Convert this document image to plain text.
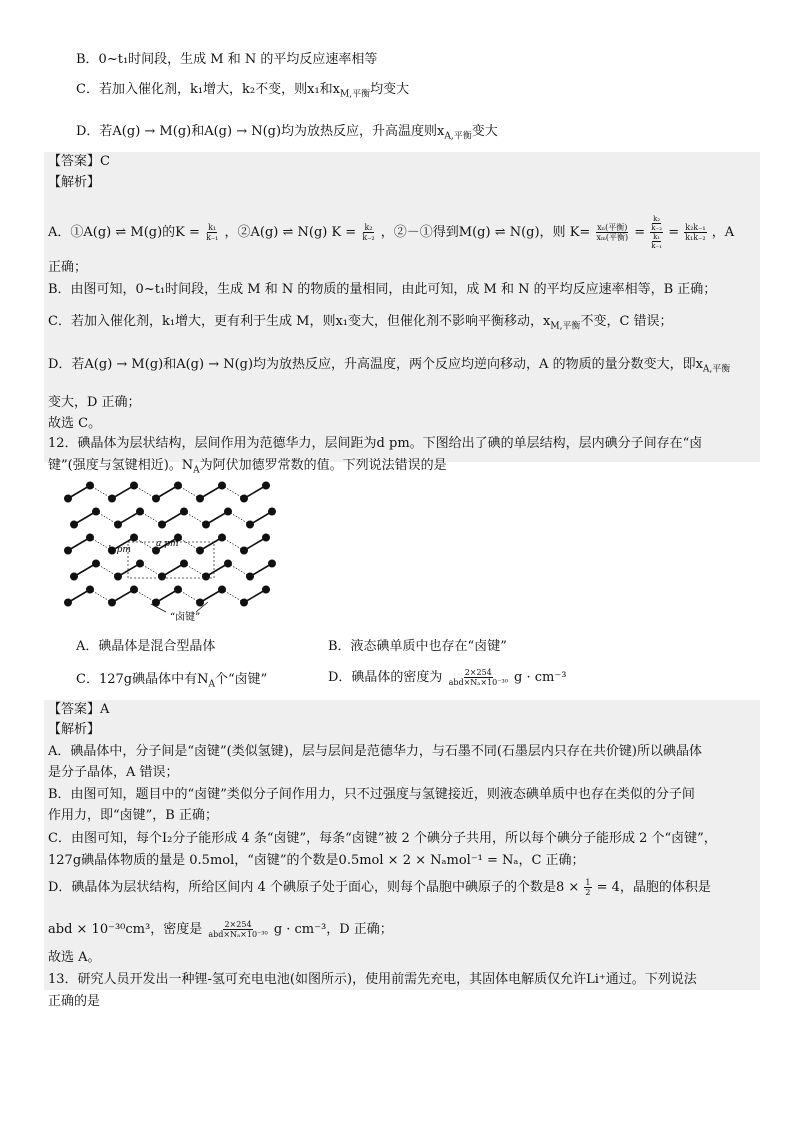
B．0~t₁时间段，生成 M 和 N 的平均反应速率相等
C．若加入催化剂，k₁增大，k₂不变，则x₁和$x_{M,平衡}$均变大
D．若A(g) → M(g)和A(g) → N(g)均为放热反应，升高温度则$x_{A,平衡}$变大
【答案】C
【解析】
A．①A(g) ⇌ M(g)的$K = \frac{\text{k₁}}{\text{k₋₁}}$ ，②A(g) ⇌ N(g) $K = \frac{\text{k₂}}{\text{k₋₂}}$ ，②－①得到M(g) ⇌ N(g)，则 $K= \frac{\text{xₙ(平衡)}}{\text{xₘ(平衡)}} = \frac{\frac{\text{k₂}}{\text{k₋₂}}}{\frac{\text{k₁}}{\text{k₋₁}}} = \frac{\text{k₂k₋₁}}{\text{k₁k₋₂}}$ ，A
正确；
B．由图可知，0~t₁时间段，生成 M 和 N 的物质的量相同，由此可知，成 M 和 N 的平均反应速率相等，B 正确；
C．若加入催化剂，k₁增大，更有利于生成 M，则x₁变大，但催化剂不影响平衡移动，$x_{M,平衡}$不变，C 错误；
D．若A(g) → M(g)和A(g) → N(g)均为放热反应，升高温度，两个反应均逆向移动，A 的物质的量分数变大，即$x_{A,平衡}$
变大，D 正确；
故选 C。
12．碘晶体为层状结构，层间作用为范德华力，层间距为d pm。下图给出了碘的单层结构，层内碘分子间存在“卤
键”(强度与氢键相近)。$N_A$为阿伏加德罗常数的值。下列说法错误的是
b pm
a pm
“卤键”
A．碘晶体是混合型晶体	B．液态碘单质中也存在“卤键”
C．127g碘晶体中有$N_A$个“卤键”	D．碘晶体的密度为 $\frac{2\times 254}{\text{abd×Nₐ×10⁻³⁰}}$ g · cm⁻³
【答案】A
【解析】
A．碘晶体中，分子间是“卤键”(类似氢键)，层与层间是范德华力，与石墨不同(石墨层内只存在共价键)所以碘晶体
是分子晶体，A 错误；
B．由图可知，题目中的“卤键”类似分子间作用力，只不过强度与氢键接近，则液态碘单质中也存在类似的分子间
作用力，即“卤键”，B 正确；
C．由图可知，每个I₂分子能形成 4 条“卤键”，每条“卤键”被 2 个碘分子共用，所以每个碘分子能形成 2 个“卤键”，
127g碘晶体物质的量是 0.5mol，“卤键”的个数是0.5mol × 2 × Nₐmol⁻¹ = Nₐ，C 正确；
D．碘晶体为层状结构，所给区间内 4 个碘原子处于面心，则每个晶胞中碘原子的个数是$8 \times \frac{1}{2} = 4$，晶胞的体积是
abd × 10⁻³⁰cm³，密度是 $\frac{2\times 254}{\text{abd×Nₐ×10⁻³⁰}}$ g · cm⁻³，D 正确；
故选 A。
13．研究人员开发出一种锂-氢可充电电池(如图所示)，使用前需先充电，其固体电解质仅允许Li⁺通过。下列说法
正确的是
